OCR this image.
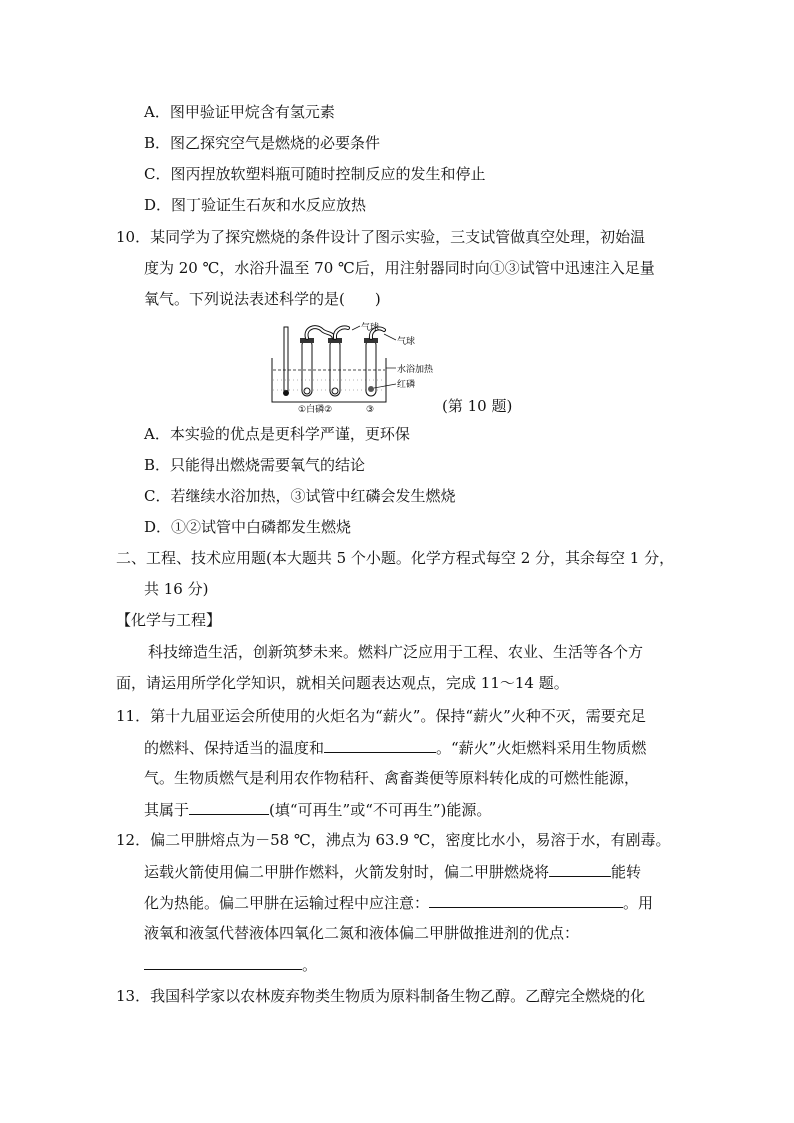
A．图甲验证甲烷含有氢元素
B．图乙探究空气是燃烧的必要条件
C．图丙捏放软塑料瓶可随时控制反应的发生和停止
D．图丁验证生石灰和水反应放热
10．某同学为了探究燃烧的条件设计了图示实验，三支试管做真空处理，初始温
度为 20 ℃，水浴升温至 70 ℃后，用注射器同时向①③试管中迅速注入足量
氧气。下列说法表述科学的是(　　)
气球
气球
水浴加热
红磷
①白磷②	③	(第 10 题)
A．本实验的优点是更科学严谨，更环保
B．只能得出燃烧需要氧气的结论
C．若继续水浴加热，③试管中红磷会发生燃烧
D．①②试管中白磷都发生燃烧
二、工程、技术应用题(本大题共 5 个小题。化学方程式每空 2 分，其余每空 1 分，
共 16 分)
【化学与工程】
科技缔造生活，创新筑梦未来。燃料广泛应用于工程、农业、生活等各个方
面，请运用所学化学知识，就相关问题表达观点，完成 11～14 题。
11．第十九届亚运会所使用的火炬名为“薪火”。保持“薪火”火种不灭，需要充足
的燃料、保持适当的温度和	。“薪火”火炬燃料采用生物质燃
气。生物质燃气是利用农作物秸秆、禽畜粪便等原料转化成的可燃性能源，
其属于	(填“可再生”或“不可再生”)能源。
12．偏二甲肼熔点为－58 ℃，沸点为 63.9 ℃，密度比水小，易溶于水，有剧毒。
运载火箭使用偏二甲肼作燃料，火箭发射时，偏二甲肼燃烧将	能转
化为热能。偏二甲肼在运输过程中应注意：	。用
液氧和液氢代替液体四氧化二氮和液体偏二甲肼做推进剂的优点：
。
13．我国科学家以农林废弃物类生物质为原料制备生物乙醇。乙醇完全燃烧的化
